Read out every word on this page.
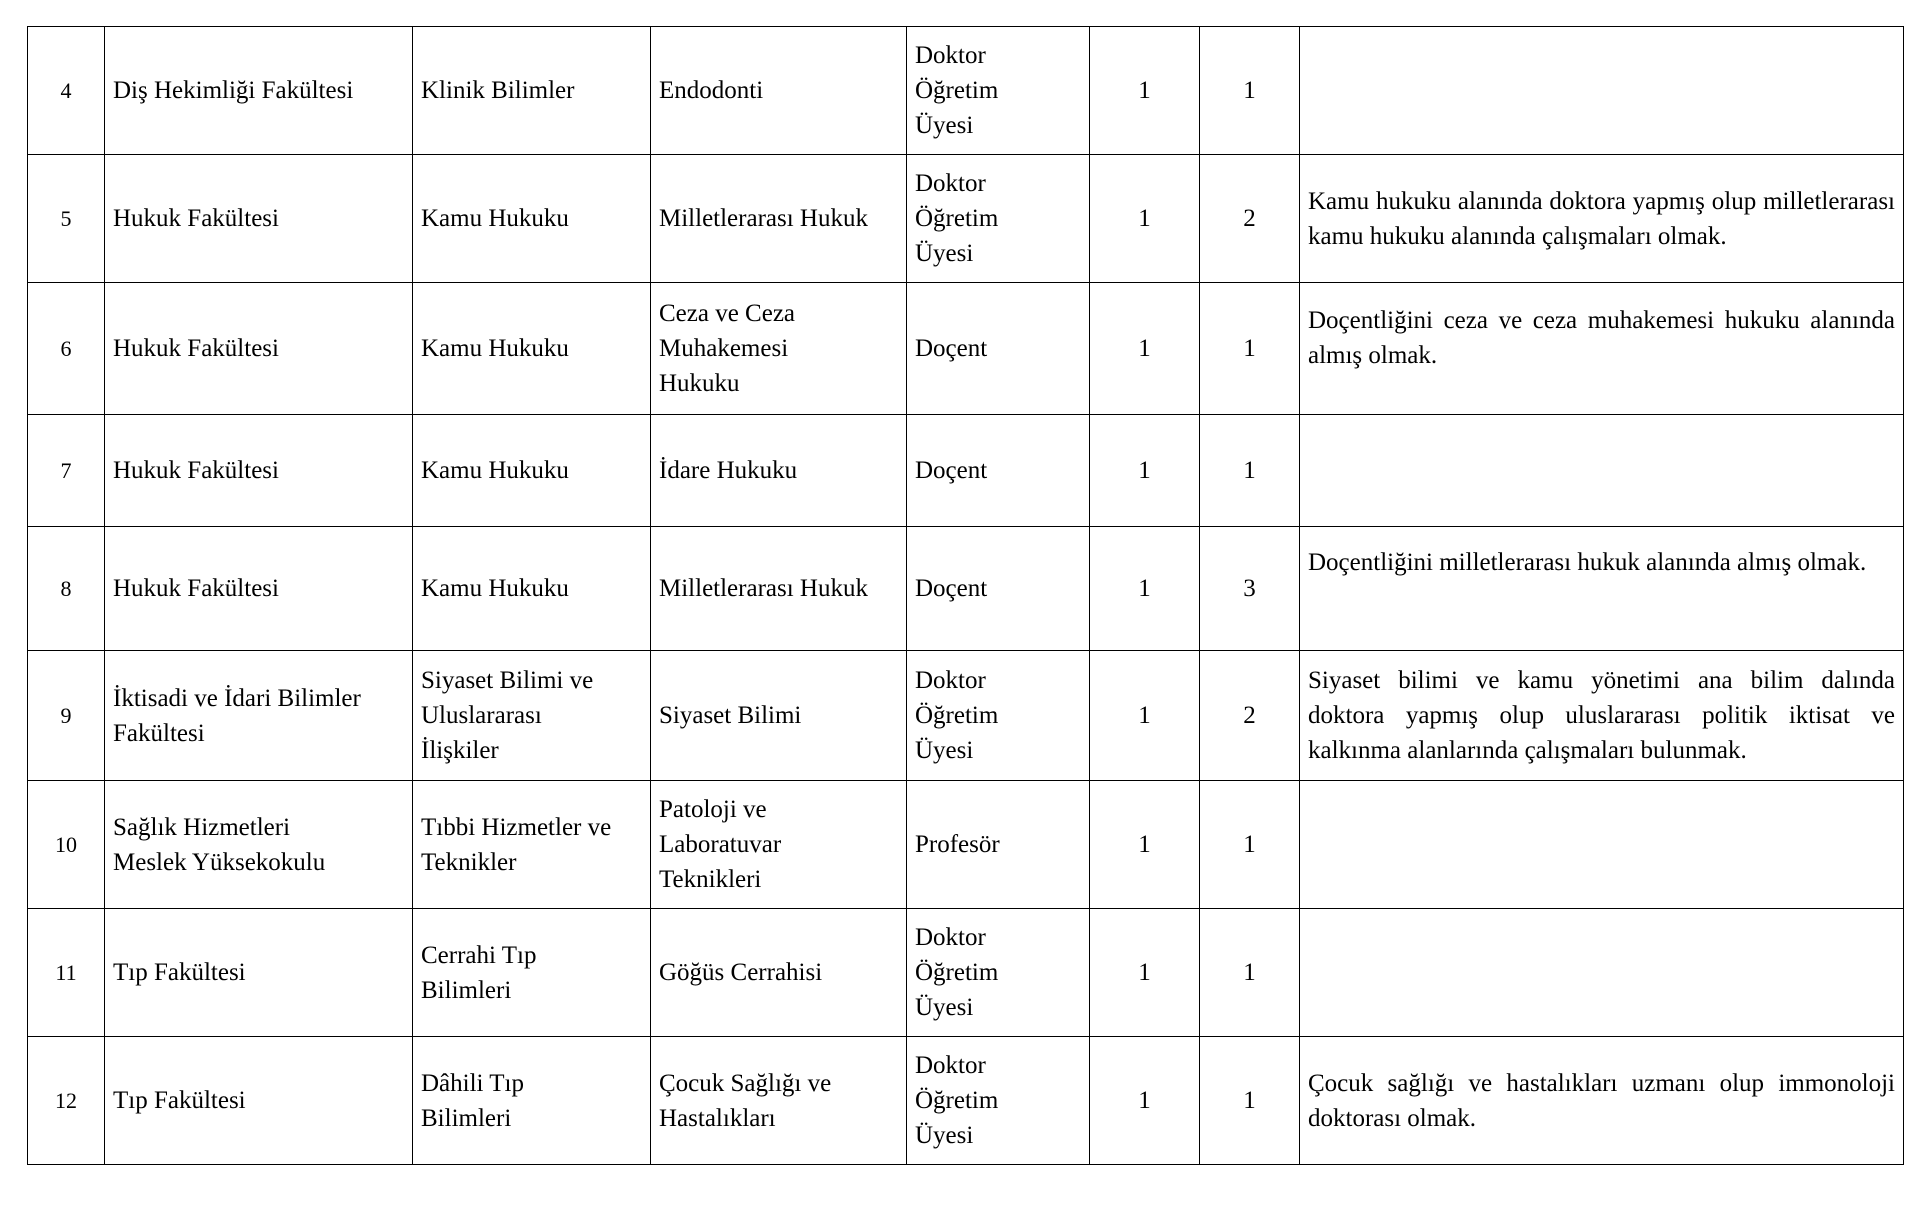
4	Diş Hekimliği Fakültesi	Klinik Bilimler	Endodonti	Doktor
Öğretim
Üyesi	1	1	
5	Hukuk Fakültesi	Kamu Hukuku	Milletlerarası Hukuk	Doktor
Öğretim
Üyesi	1	2	Kamu hukuku alanında doktora yapmış olup milletlerarası kamu hukuku alanında çalışmaları olmak.
6	Hukuk Fakültesi	Kamu Hukuku	Ceza ve Ceza
Muhakemesi
Hukuku	Doçent	1	1	Doçentliğini ceza ve ceza muhakemesi hukuku alanında almış olmak.
7	Hukuk Fakültesi	Kamu Hukuku	İdare Hukuku	Doçent	1	1	
8	Hukuk Fakültesi	Kamu Hukuku	Milletlerarası Hukuk	Doçent	1	3	Doçentliğini milletlerarası hukuk alanında almış olmak.
9	İktisadi ve İdari Bilimler
Fakültesi	Siyaset Bilimi ve
Uluslararası
İlişkiler	Siyaset Bilimi	Doktor
Öğretim
Üyesi	1	2	Siyaset bilimi ve kamu yönetimi ana bilim dalında doktora yapmış olup uluslararası politik iktisat ve kalkınma alanlarında çalışmaları bulunmak.
10	Sağlık Hizmetleri
Meslek Yüksekokulu	Tıbbi Hizmetler ve
Teknikler	Patoloji ve
Laboratuvar
Teknikleri	Profesör	1	1	
11	Tıp Fakültesi	Cerrahi Tıp
Bilimleri	Göğüs Cerrahisi	Doktor
Öğretim
Üyesi	1	1	
12	Tıp Fakültesi	Dâhili Tıp
Bilimleri	Çocuk Sağlığı ve
Hastalıkları	Doktor
Öğretim
Üyesi	1	1	Çocuk sağlığı ve hastalıkları uzmanı olup immonoloji doktorası olmak.
